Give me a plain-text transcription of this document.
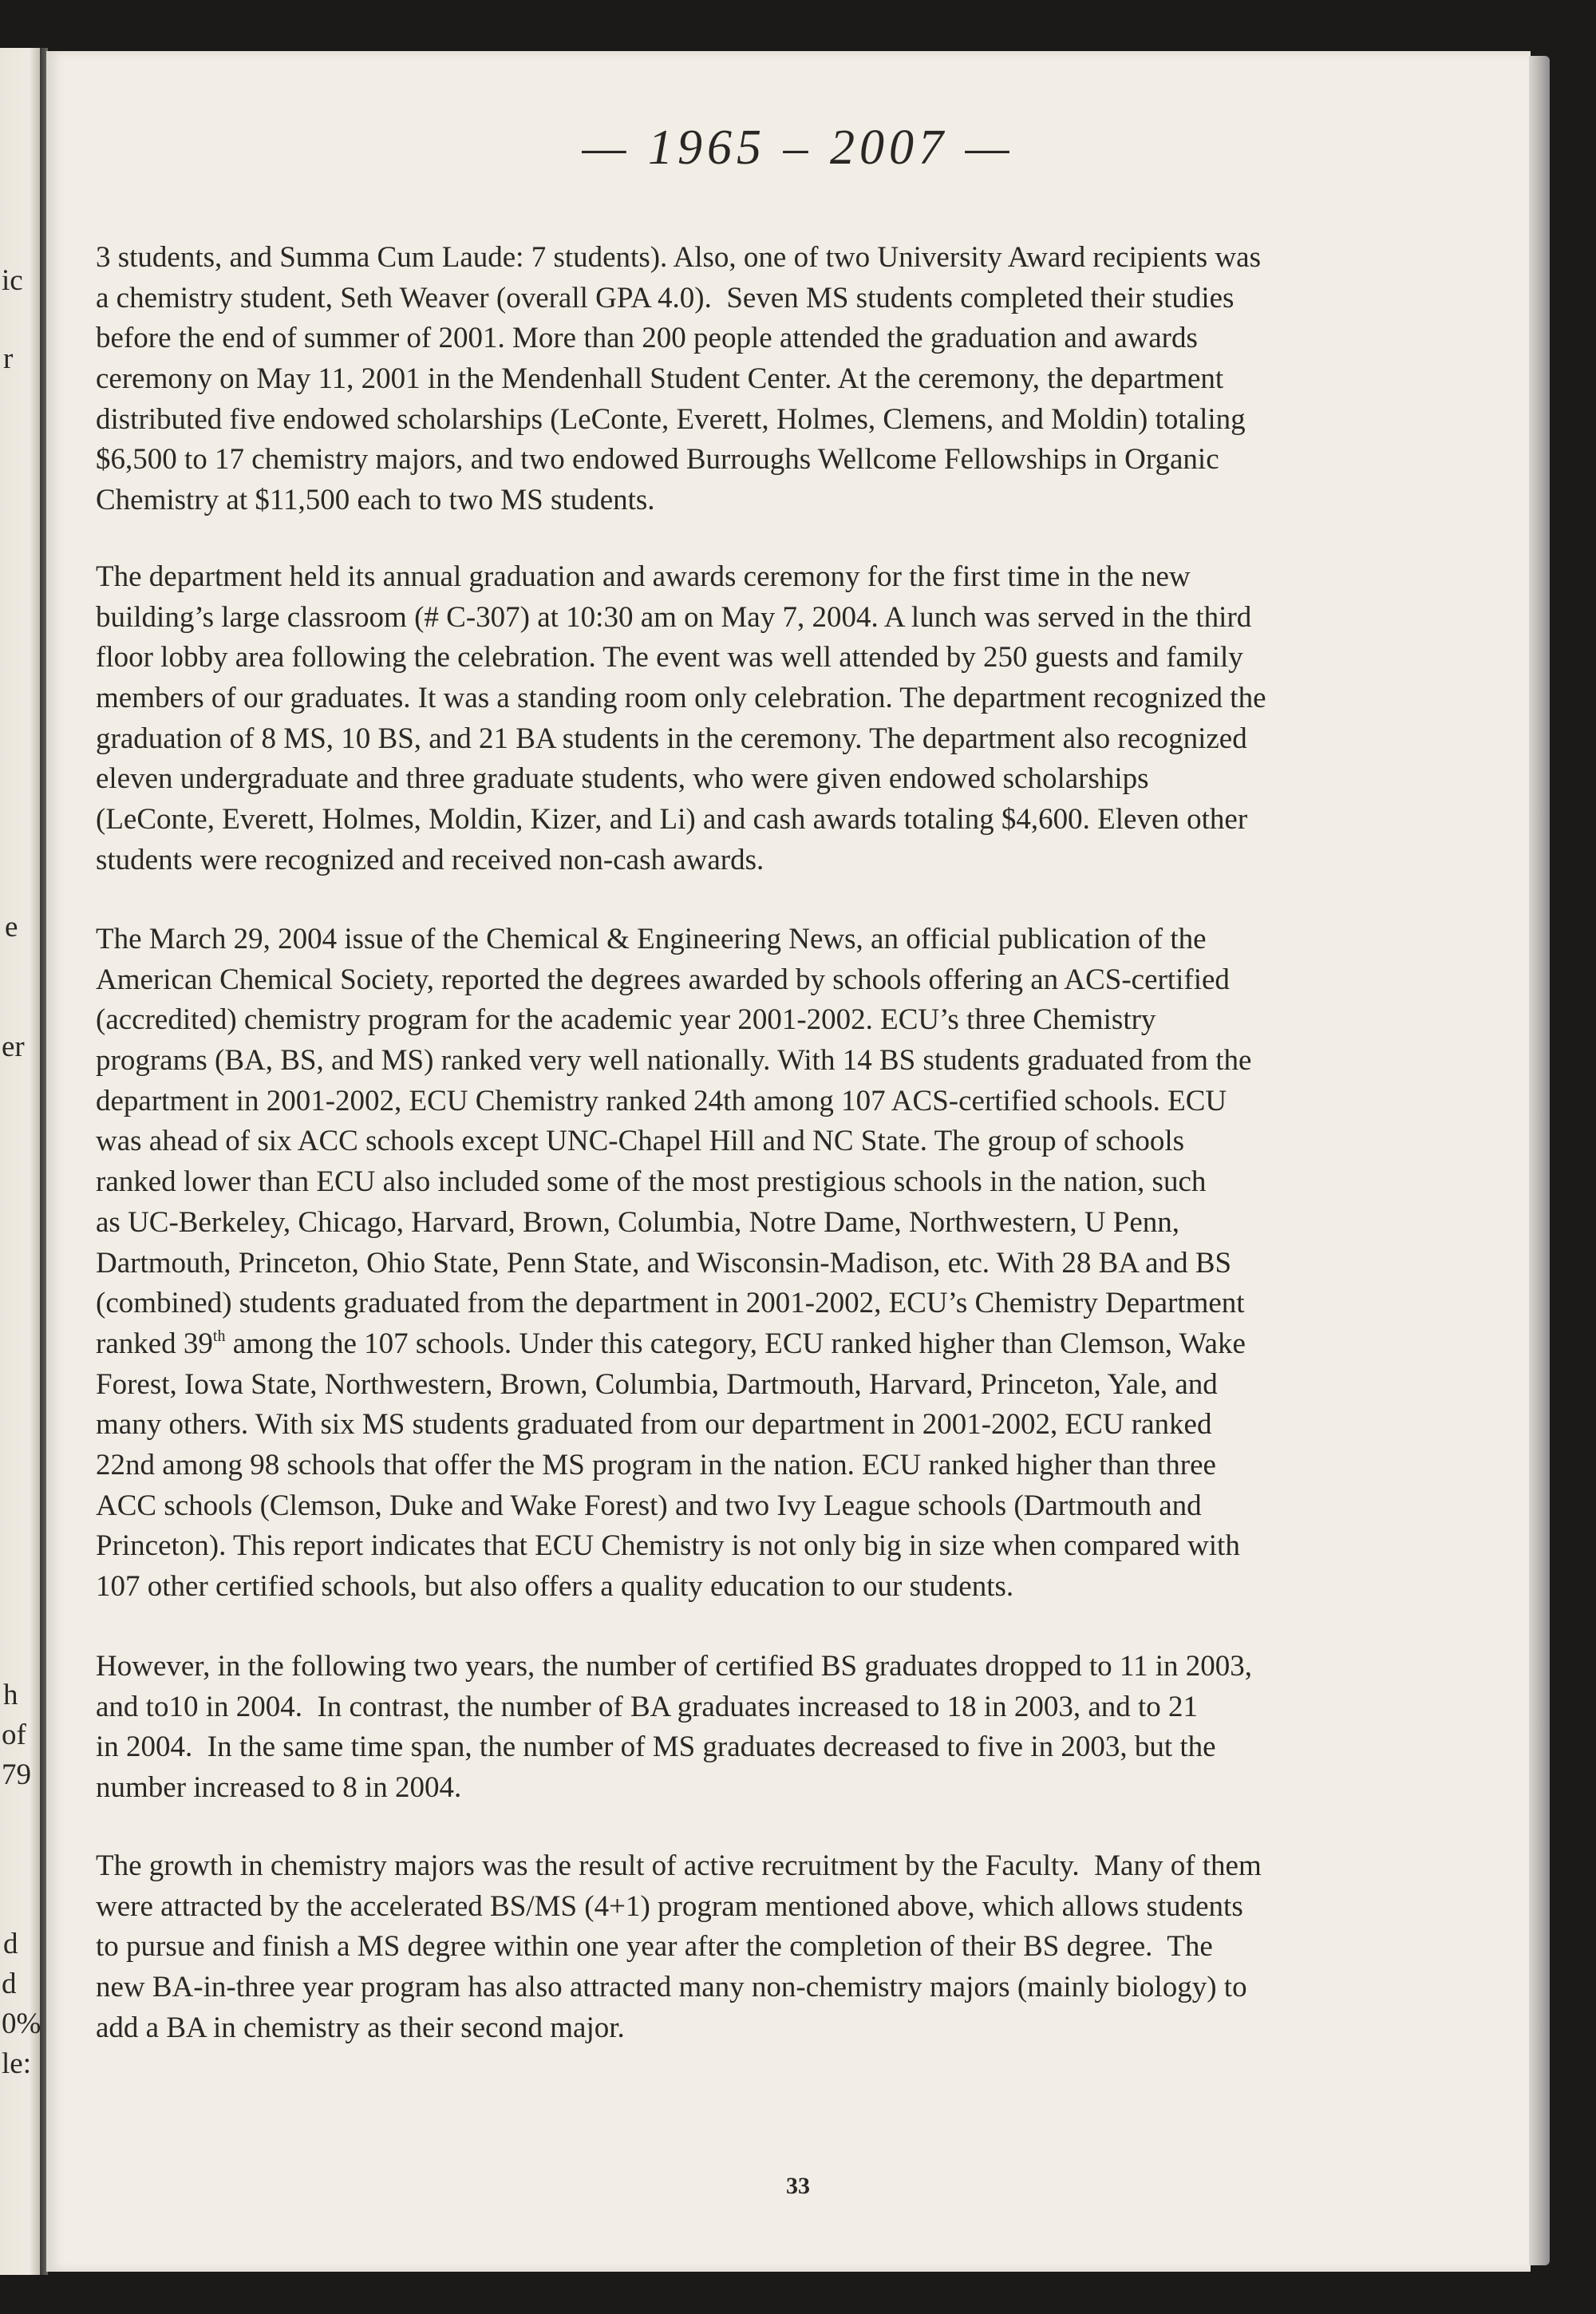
ic
r
e
er
h
of
79
d
d
0%
le:
— 1965 – 2007 —
3 students, and Summa Cum Laude: 7 students). Also, one of two University Award recipients was
a chemistry student, Seth Weaver (overall GPA 4.0).  Seven MS students completed their studies
before the end of summer of 2001. More than 200 people attended the graduation and awards
ceremony on May 11, 2001 in the Mendenhall Student Center. At the ceremony, the department
distributed five endowed scholarships (LeConte, Everett, Holmes, Clemens, and Moldin) totaling
$6,500 to 17 chemistry majors, and two endowed Burroughs Wellcome Fellowships in Organic
Chemistry at $11,500 each to two MS students.
The department held its annual graduation and awards ceremony for the first time in the new
building’s large classroom (# C-307) at 10:30 am on May 7, 2004. A lunch was served in the third
floor lobby area following the celebration. The event was well attended by 250 guests and family
members of our graduates. It was a standing room only celebration. The department recognized the
graduation of 8 MS, 10 BS, and 21 BA students in the ceremony. The department also recognized
eleven undergraduate and three graduate students, who were given endowed scholarships
(LeConte, Everett, Holmes, Moldin, Kizer, and Li) and cash awards totaling $4,600. Eleven other
students were recognized and received non-cash awards.
The March 29, 2004 issue of the Chemical & Engineering News, an official publication of the
American Chemical Society, reported the degrees awarded by schools offering an ACS-certified
(accredited) chemistry program for the academic year 2001-2002. ECU’s three Chemistry
programs (BA, BS, and MS) ranked very well nationally. With 14 BS students graduated from the
department in 2001-2002, ECU Chemistry ranked 24th among 107 ACS-certified schools. ECU
was ahead of six ACC schools except UNC-Chapel Hill and NC State. The group of schools
ranked lower than ECU also included some of the most prestigious schools in the nation, such
as UC-Berkeley, Chicago, Harvard, Brown, Columbia, Notre Dame, Northwestern, U Penn,
Dartmouth, Princeton, Ohio State, Penn State, and Wisconsin-Madison, etc. With 28 BA and BS
(combined) students graduated from the department in 2001-2002, ECU’s Chemistry Department
ranked 39th among the 107 schools. Under this category, ECU ranked higher than Clemson, Wake
Forest, Iowa State, Northwestern, Brown, Columbia, Dartmouth, Harvard, Princeton, Yale, and
many others. With six MS students graduated from our department in 2001-2002, ECU ranked
22nd among 98 schools that offer the MS program in the nation. ECU ranked higher than three
ACC schools (Clemson, Duke and Wake Forest) and two Ivy League schools (Dartmouth and
Princeton). This report indicates that ECU Chemistry is not only big in size when compared with
107 other certified schools, but also offers a quality education to our students.
However, in the following two years, the number of certified BS graduates dropped to 11 in 2003,
and to10 in 2004.  In contrast, the number of BA graduates increased to 18 in 2003, and to 21
in 2004.  In the same time span, the number of MS graduates decreased to five in 2003, but the
number increased to 8 in 2004.
The growth in chemistry majors was the result of active recruitment by the Faculty.  Many of them
were attracted by the accelerated BS/MS (4+1) program mentioned above, which allows students
to pursue and finish a MS degree within one year after the completion of their BS degree.  The
new BA-in-three year program has also attracted many non-chemistry majors (mainly biology) to
add a BA in chemistry as their second major.
33
